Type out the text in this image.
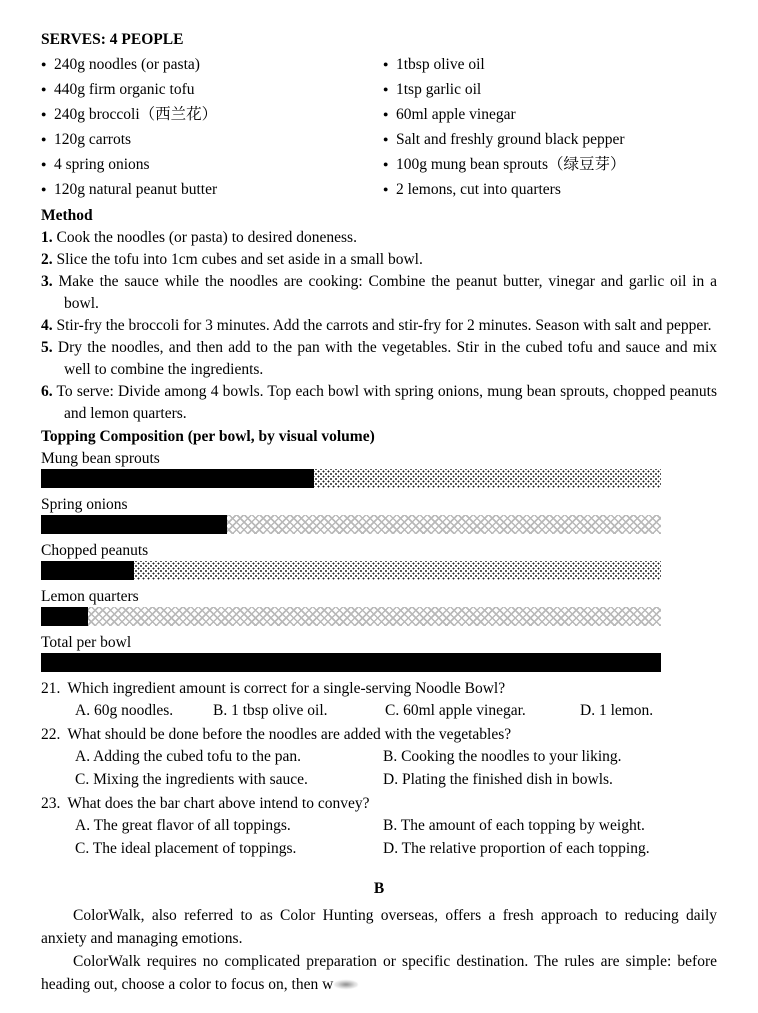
SERVES: 4 PEOPLE
● 240g noodles (or pasta)
● 440g firm organic tofu
● 240g broccoli（西兰花）
● 120g carrots
● 4 spring onions
● 120g natural peanut butter
● 1tbsp olive oil
● 1tsp garlic oil
● 60ml apple vinegar
● Salt and freshly ground black pepper
● 100g mung bean sprouts（绿豆芽）
● 2 lemons, cut into quarters

Method

1. Cook the noodles (or pasta) to desired doneness.

2. Slice the tofu into 1cm cubes and set aside in a small bowl.

3. Make the sauce while the noodles are cooking: Combine the peanut butter, vinegar and garlic oil in a bowl.

4. Stir-fry the broccoli for 3 minutes. Add the carrots and stir-fry for 2 minutes. Season with salt and pepper.

5. Dry the noodles, and then add to the pan with the vegetables. Stir in the cubed tofu and sauce and mix well to combine the ingredients.

6. To serve: Divide among 4 bowls. Top each bowl with spring onions, mung bean sprouts, chopped peanuts and lemon quarters.

Topping Composition (per bowl, by visual volume)

Mung bean sprouts
Spring onions
Chopped peanuts
Lemon quarters
Total per bowl
21. Which ingredient amount is correct for a single-serving Noodle Bowl?
A. 60g noodles.	B. 1 tbsp olive oil.	C. 60ml apple vinegar.	D. 1 lemon.
22. What should be done before the noodles are added with the vegetables?
A. Adding the cubed tofu to the pan.	B. Cooking the noodles to your liking.
C. Mixing the ingredients with sauce.	D. Plating the finished dish in bowls.
23. What does the bar chart above intend to convey?
A. The great flavor of all toppings.	B. The amount of each topping by weight.
C. The ideal placement of toppings.	D. The relative proportion of each topping.
B

ColorWalk, also referred to as Color Hunting overseas, offers a fresh approach to reducing daily anxiety and managing emotions.

ColorWalk requires no complicated preparation or specific destination. The rules are simple: before heading out, choose a color to focus on, then w
